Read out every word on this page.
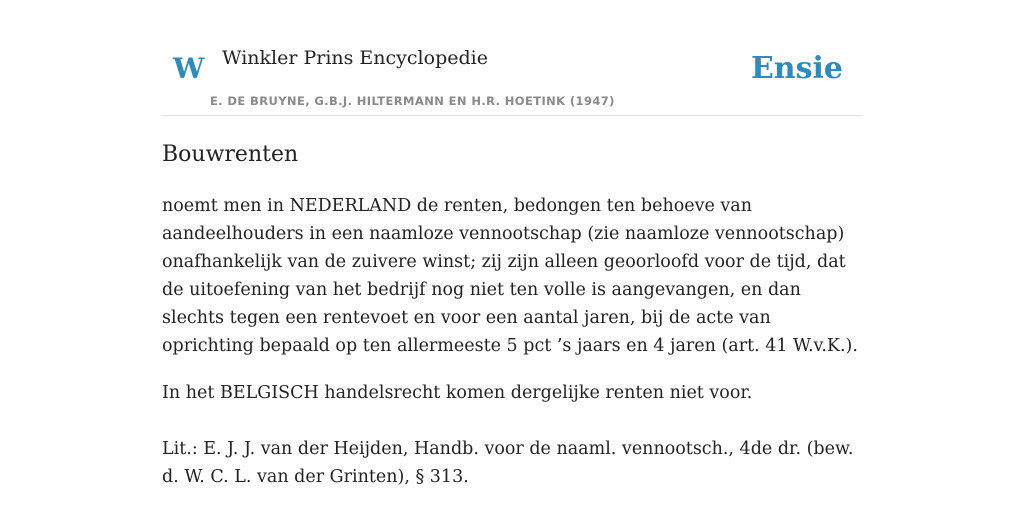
W Winkler Prins Encyclopedie
E. DE BRUYNE, G.B.J. HILTERMANN EN H.R. HOETINK (1947)
Ensie
Bouwrenten

noemt men in NEDERLAND de renten, bedongen ten behoeve van aandeelhouders in een naamloze vennootschap (zie naamloze vennootschap) onafhankelijk van de zuivere winst; zij zijn alleen geoorloofd voor de tijd, dat de uitoefening van het bedrijf nog niet ten volle is aangevangen, en dan slechts tegen een rentevoet en voor een aantal jaren, bij de acte van oprichting bepaald op ten allermeeste 5 pct ’s jaars en 4 jaren (art. 41 W.v.K.).

In het BELGISCH handelsrecht komen dergelijke renten niet voor.

Lit.: E. J. J. van der Heijden, Handb. voor de naaml. vennootsch., 4de dr. (bew. d. W. C. L. van der Grinten), § 313.
